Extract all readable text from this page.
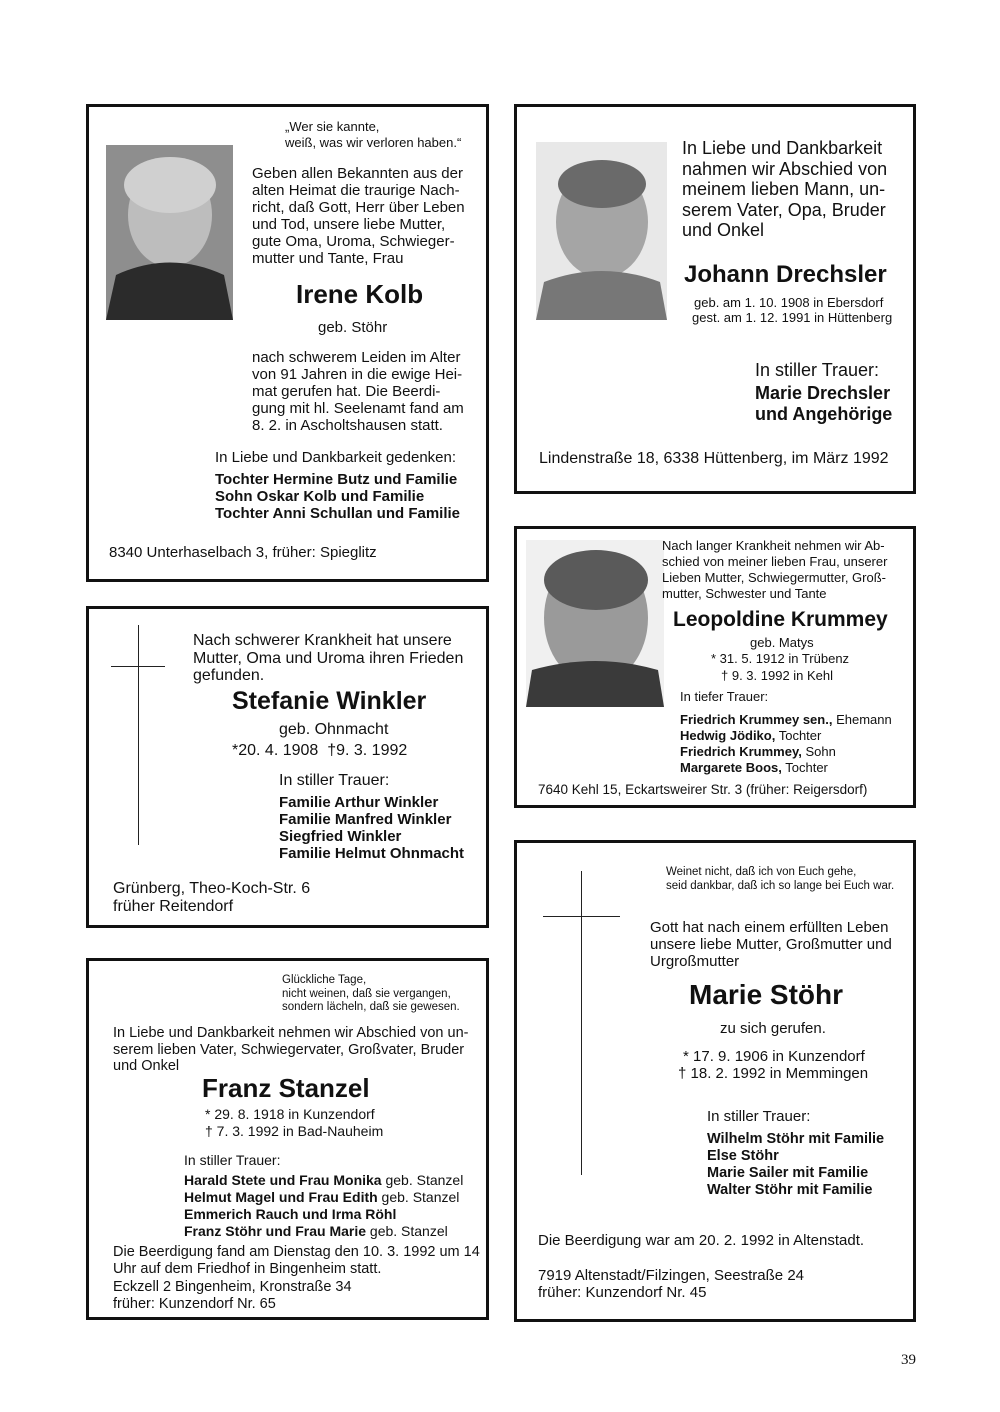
„Wer sie kannte,
weiß, was wir verloren haben.“
Geben allen Bekannten aus der
alten Heimat die traurige Nach-
richt, daß Gott, Herr über Leben
und Tod, unsere liebe Mutter,
gute Oma, Uroma, Schwieger-
mutter und Tante, Frau
Irene Kolb
geb. Stöhr
nach schwerem Leiden im Alter
von 91 Jahren in die ewige Hei-
mat gerufen hat. Die Beerdi-
gung mit hl. Seelenamt fand am
8. 2. in Ascholtshausen statt.
In Liebe und Dankbarkeit gedenken:
Tochter Hermine Butz und Familie
Sohn Oskar Kolb und Familie
Tochter Anni Schullan und Familie
8340 Unterhaselbach 3, früher: Spieglitz
In Liebe und Dankbarkeit
nahmen wir Abschied von
meinem lieben Mann, un-
serem Vater, Opa, Bruder
und Onkel
Johann Drechsler
geb. am 1. 10. 1908 in Ebersdorf
gest. am 1. 12. 1991 in Hüttenberg
In stiller Trauer:
Marie Drechsler
und Angehörige
Lindenstraße 18, 6338 Hüttenberg, im März 1992
Nach langer Krankheit nehmen wir Ab-
schied von meiner lieben Frau, unserer
Lieben Mutter, Schwiegermutter, Groß-
mutter, Schwester und Tante
Leopoldine Krummey
geb. Matys
* 31. 5. 1912 in Trübenz
† 9. 3. 1992 in Kehl
In tiefer Trauer:
Friedrich Krummey sen., Ehemann
Hedwig Jödiko, Tochter
Friedrich Krummey, Sohn
Margarete Boos, Tochter
7640 Kehl 15, Eckartsweirer Str. 3 (früher: Reigersdorf)
Nach schwerer Krankheit hat unsere
Mutter, Oma und Uroma ihren Frieden
gefunden.
Stefanie Winkler
geb. Ohnmacht
*20. 4. 1908  †9. 3. 1992
In stiller Trauer:
Familie Arthur Winkler
Familie Manfred Winkler
Siegfried Winkler
Familie Helmut Ohnmacht
Grünberg, Theo-Koch-Str. 6
früher Reitendorf
Weinet nicht, daß ich von Euch gehe,
seid dankbar, daß ich so lange bei Euch war.
Gott hat nach einem erfüllten Leben
unsere liebe Mutter, Großmutter und
Urgroßmutter
Marie Stöhr
zu sich gerufen.
* 17. 9. 1906 in Kunzendorf
† 18. 2. 1992 in Memmingen
In stiller Trauer:
Wilhelm Stöhr mit Familie
Else Stöhr
Marie Sailer mit Familie
Walter Stöhr mit Familie
Die Beerdigung war am 20. 2. 1992 in Altenstadt.
7919 Altenstadt/Filzingen, Seestraße 24
früher: Kunzendorf Nr. 45
Glückliche Tage,
nicht weinen, daß sie vergangen,
sondern lächeln, daß sie gewesen.
In Liebe und Dankbarkeit nehmen wir Abschied von un-
serem lieben Vater, Schwiegervater, Großvater, Bruder
und Onkel
Franz Stanzel
* 29. 8. 1918 in Kunzendorf
† 7. 3. 1992 in Bad-Nauheim
In stiller Trauer:
Harald Stete und Frau Monika geb. Stanzel
Helmut Magel und Frau Edith geb. Stanzel
Emmerich Rauch und Irma Röhl
Franz Stöhr und Frau Marie geb. Stanzel
Die Beerdigung fand am Dienstag den 10. 3. 1992 um 14
Uhr auf dem Friedhof in Bingenheim statt.
Eckzell 2 Bingenheim, Kronstraße 34
früher: Kunzendorf Nr. 65
39
